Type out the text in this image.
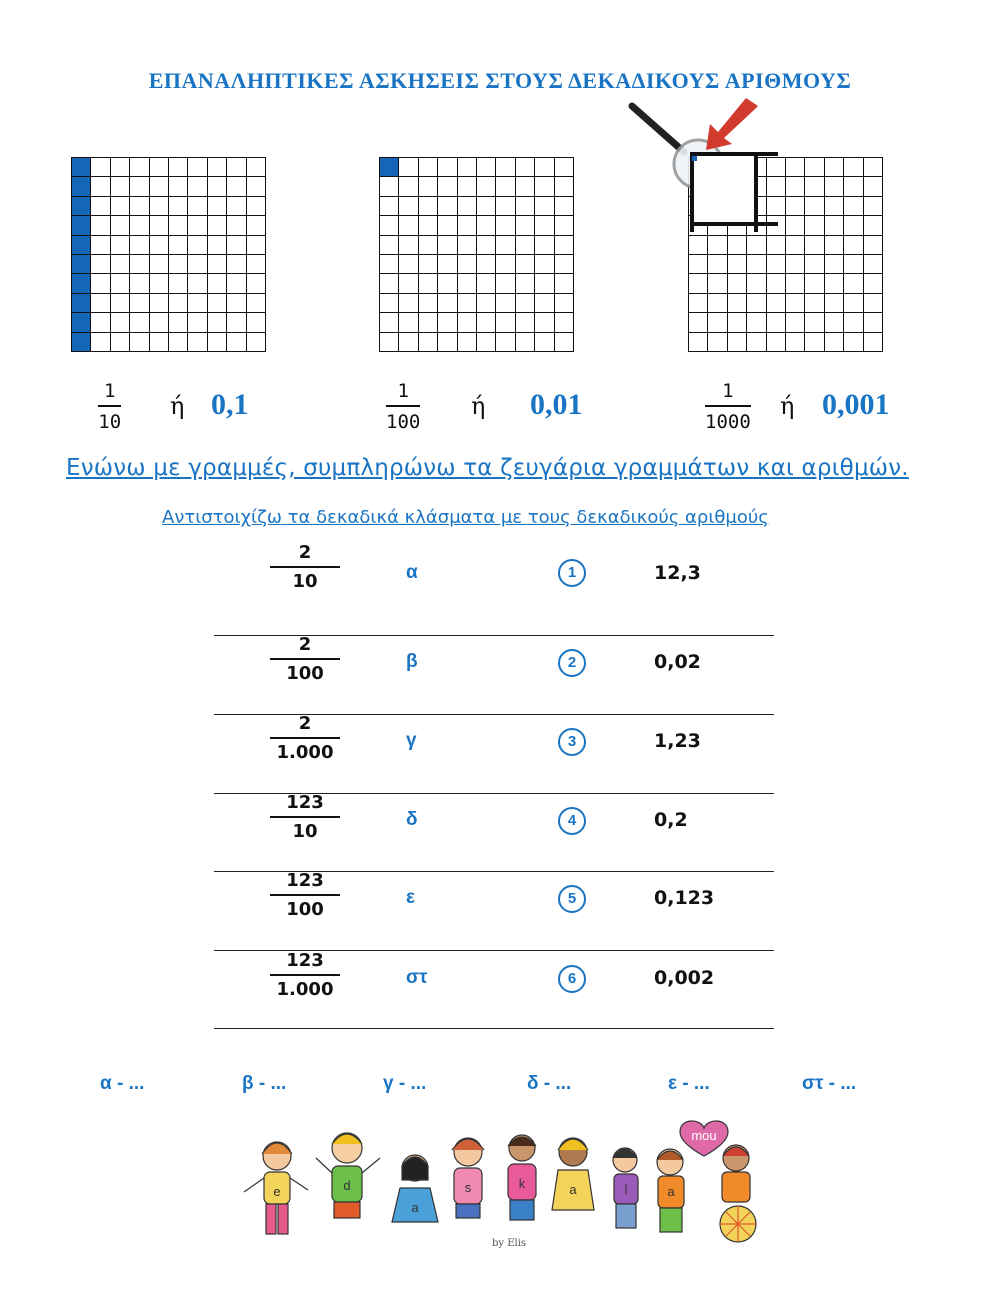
ΕΠΑΝΑΛΗΠΤΙΚΕΣ ΑΣΚΗΣΕΙΣ ΣΤΟΥΣ ΔΕΚΑΔΙΚΟΥΣ ΑΡΙΘΜΟΥΣ

$\frac{1}{10}$ ή 0,1	$\frac{1}{100}$ ή 0,01	$\frac{1}{1000}$ ή 0,001
Ενώνω με γραμμές, συμπληρώνω τα ζευγάρια γραμμάτων και αριθμών.
Αντιστοιχίζω τα δεκαδικά κλάσματα με τους δεκαδικούς αριθμούς
$\frac{2}{10}$	α	1	12,3
$\frac{2}{100}$	β	2	0,02
$\frac{2}{1.000}$	γ	3	1,23
$\frac{123}{10}$	δ	4	0,2
$\frac{123}{100}$	ε	5	0,123
$\frac{123}{1.000}$	στ	6	0,002
α - ...	β - ...	γ - ...	δ - ...	ε - ...	στ - ...
mou
e	d
a
s	k	a	l	a
by Elis
